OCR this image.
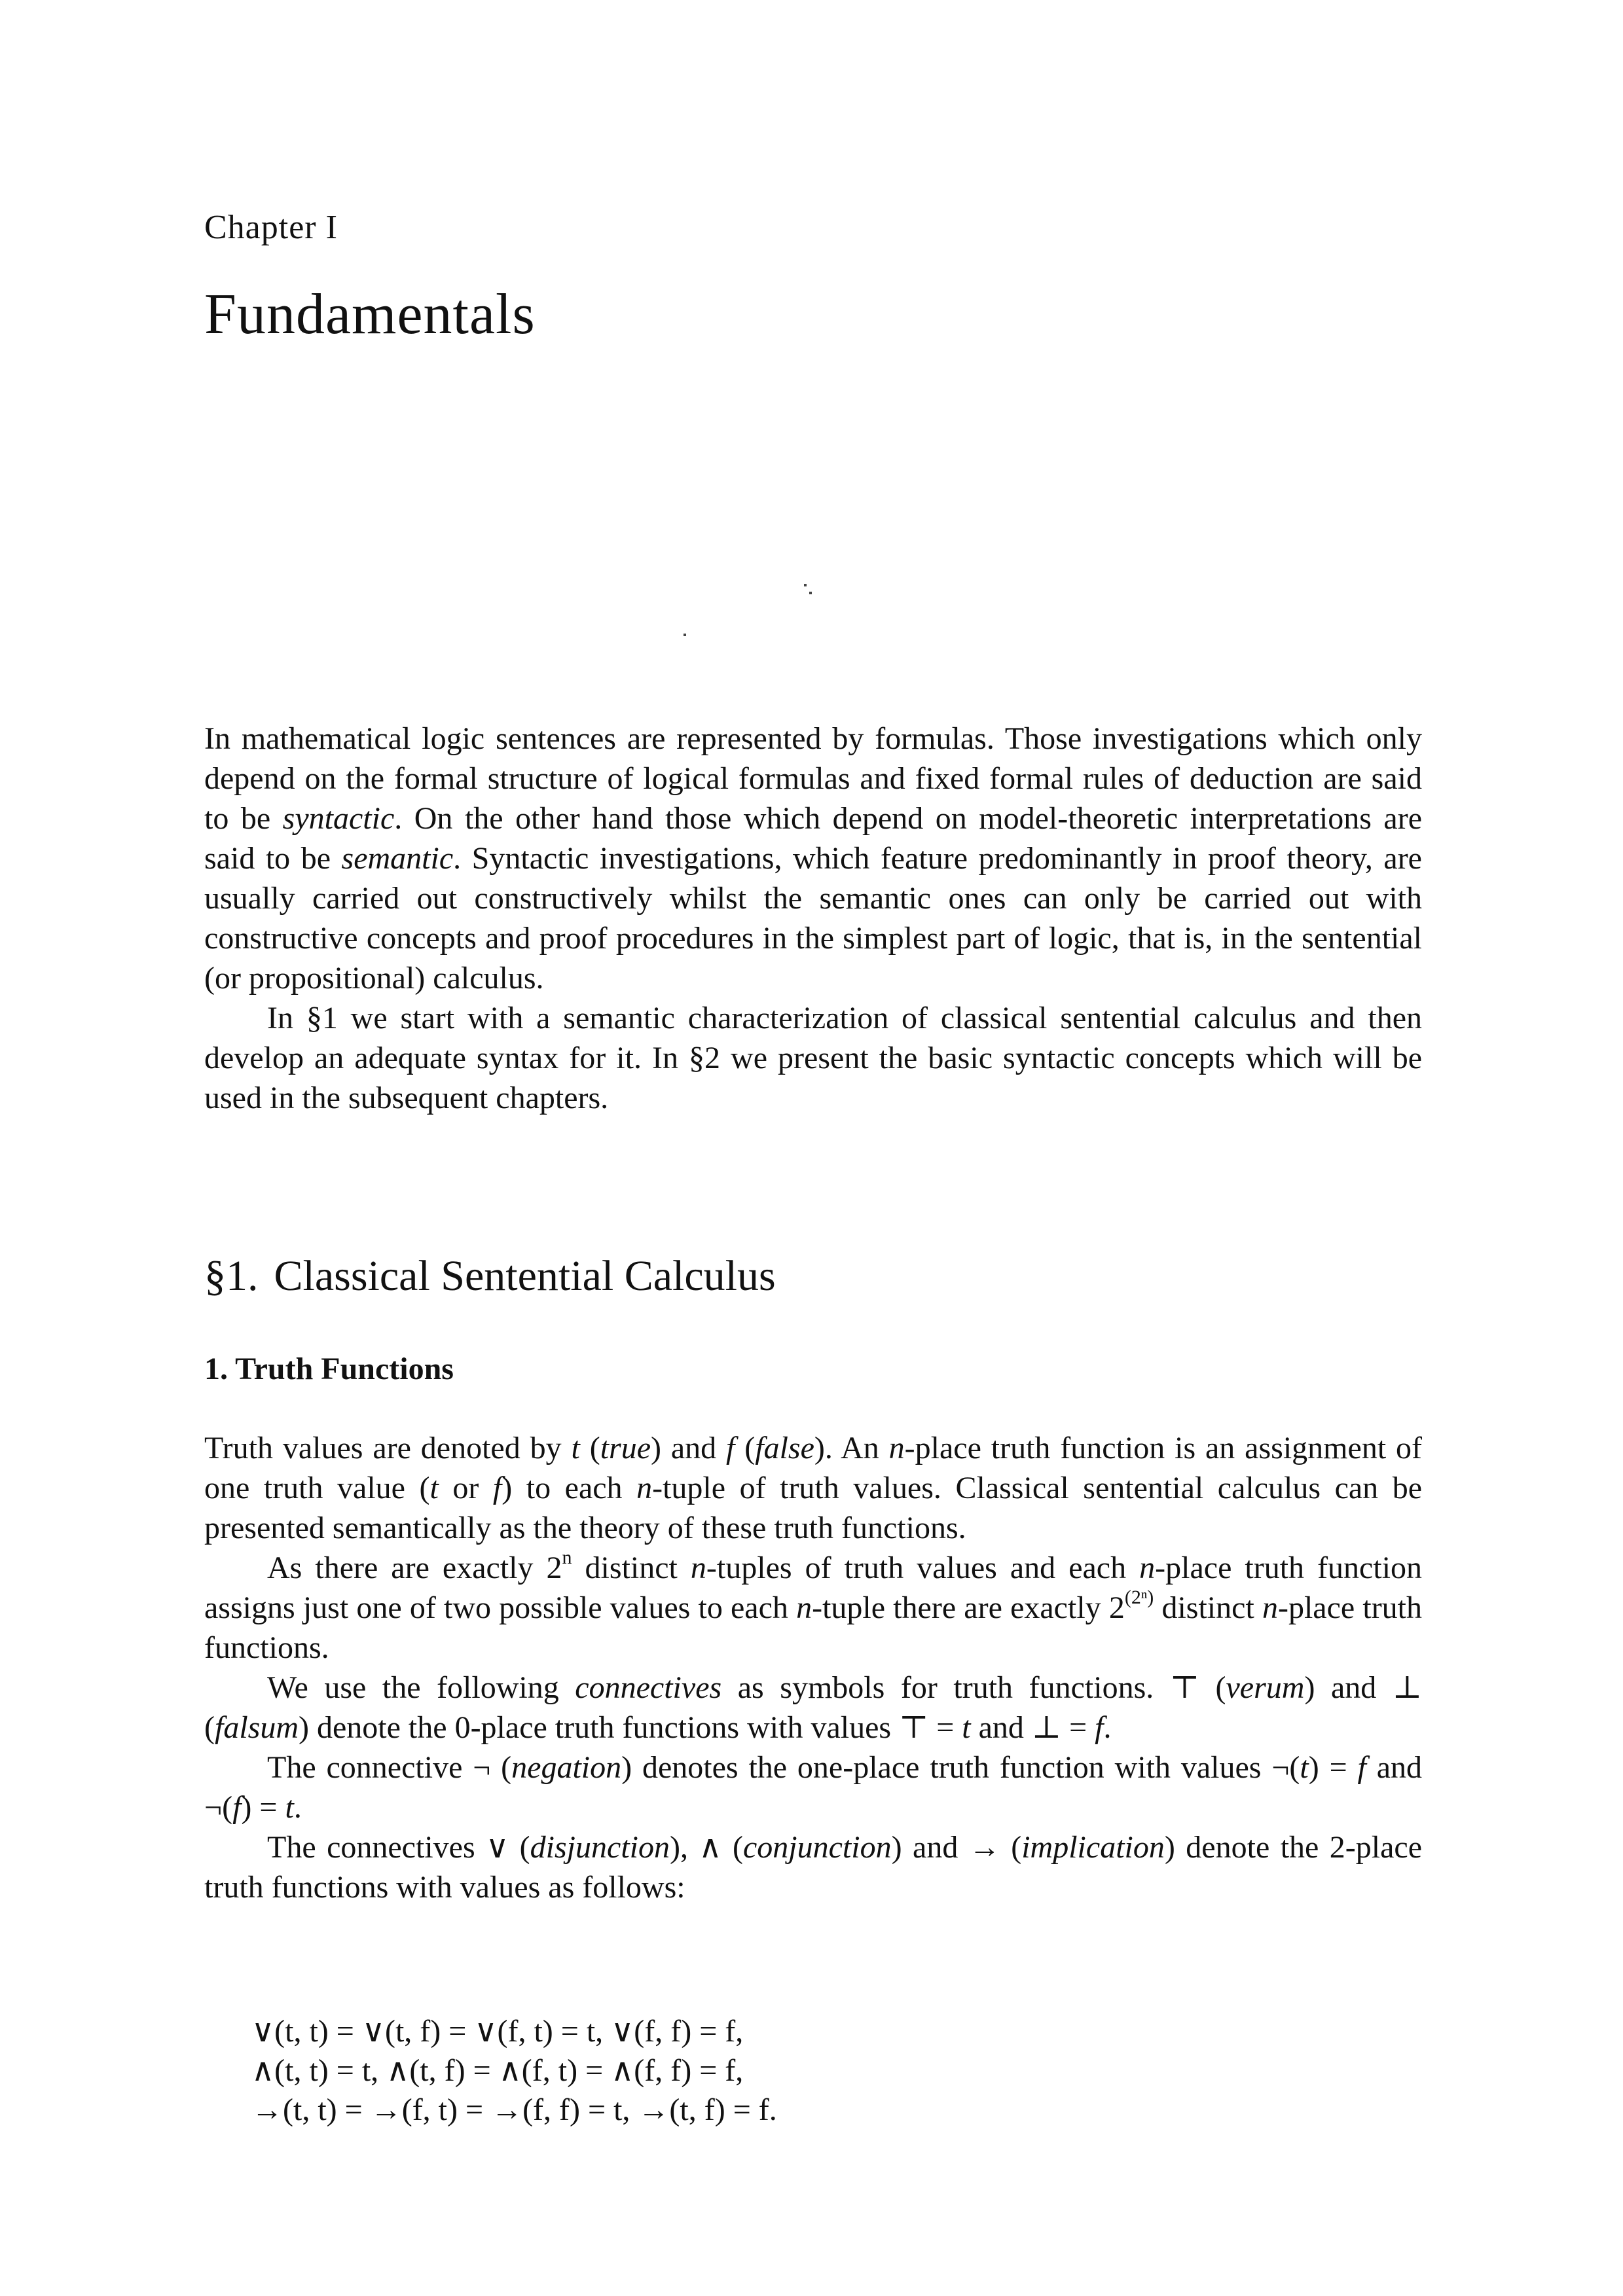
Chapter I
Fundamentals

In mathematical logic sentences are represented by formulas. Those investigations which only depend on the formal structure of logical formulas and fixed formal rules of deduction are said to be syntactic. On the other hand those which depend on model-theoretic interpretations are said to be semantic. Syntactic investigations, which feature predominantly in proof theory, are usually carried out constructively whilst the semantic ones can only be carried out with constructive concepts and proof procedures in the simplest part of logic, that is, in the sentential (or propositional) calculus.

In §1 we start with a semantic characterization of classical sentential calculus and then develop an adequate syntax for it. In §2 we present the basic syntactic concepts which will be used in the subsequent chapters.

§1. Classical Sentential Calculus
1. Truth Functions

Truth values are denoted by t (true) and f (false). An n-place truth function is an assignment of one truth value (t or f) to each n-tuple of truth values. Classical sentential calculus can be presented semantically as the theory of these truth functions.

As there are exactly 2$^n$ distinct n-tuples of truth values and each n-place truth function assigns just one of two possible values to each n-tuple there are exactly $2^{(2^n)}$ distinct n-place truth functions.

We use the following connectives as symbols for truth functions. ⊤ (verum) and ⊥ (falsum) denote the 0-place truth functions with values ⊤ = t and ⊥ = f.

The connective ¬ (negation) denotes the one-place truth function with values ¬(t) = f and ¬(f) = t.

The connectives ∨ (disjunction), ∧ (conjunction) and → (implication) denote the 2-place truth functions with values as follows:

∨(t, t) = ∨(t, f) = ∨(f, t) = t, ∨(f, f) = f,
∧(t, t) = t, ∧(t, f) = ∧(f, t) = ∧(f, f) = f,
→(t, t) = →(f, t) = →(f, f) = t, →(t, f) = f.
